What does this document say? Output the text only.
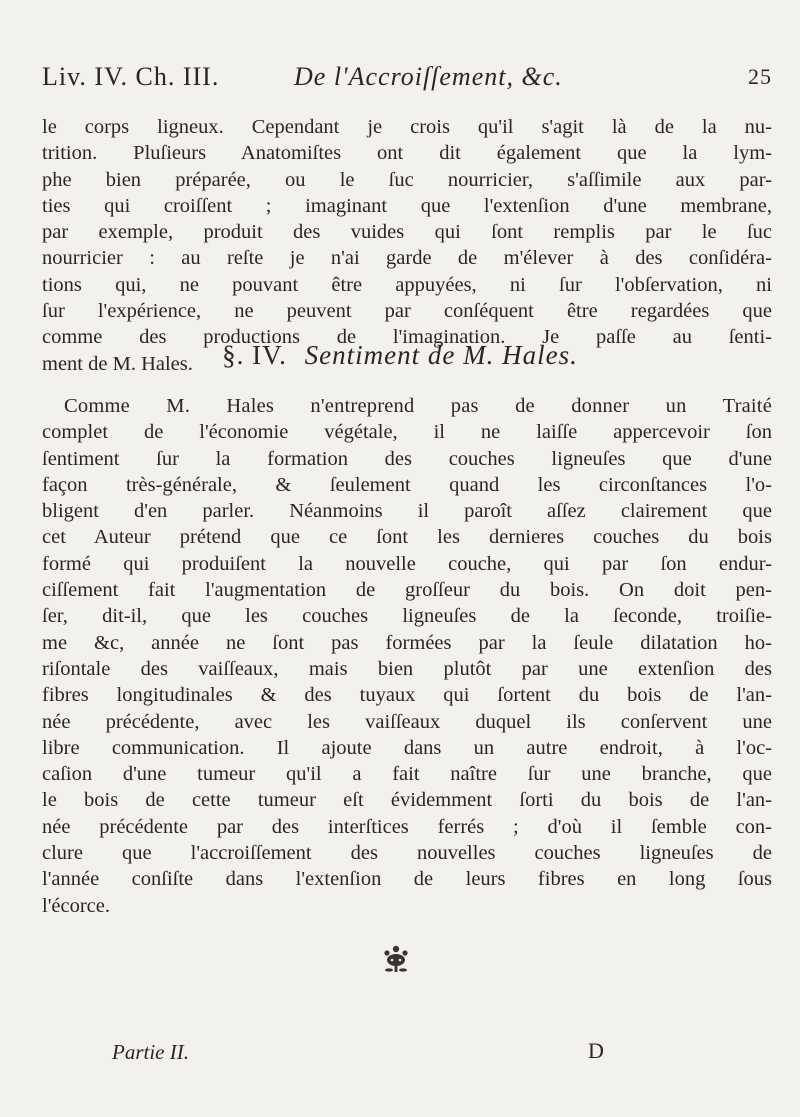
Liv. IV. Ch. III.	De l'Accroiſſement, &c.	25
le corps ligneux. Cependant je crois qu'il s'agit là de la nu-
trition. Pluſieurs Anatomiſtes ont dit également que la lym-
phe bien préparée, ou le ſuc nourricier, s'aſſimile aux par-
ties qui croiſſent ; imaginant que l'extenſion d'une membrane,
par exemple, produit des vuides qui ſont remplis par le ſuc
nourricier : au reſte je n'ai garde de m'élever à des conſidéra-
tions qui, ne pouvant être appuyées, ni ſur l'obſervation, ni
ſur l'expérience, ne peuvent par conſéquent être regardées que
comme des productions de l'imagination. Je paſſe au ſenti-
ment de M. Hales.	§. IV. Sentiment de M. Hales.
Comme M. Hales n'entreprend pas de donner un Traité
complet de l'économie végétale, il ne laiſſe appercevoir ſon
ſentiment ſur la formation des couches ligneuſes que d'une
façon très-générale, & ſeulement quand les circonſtances l'o-
bligent d'en parler. Néanmoins il paroît aſſez clairement que
cet Auteur prétend que ce ſont les dernieres couches du bois
formé qui produiſent la nouvelle couche, qui par ſon endur-
ciſſement fait l'augmentation de groſſeur du bois. On doit pen-
ſer, dit-il, que les couches ligneuſes de la ſeconde, troiſie-
me &c, année ne ſont pas formées par la ſeule dilatation ho-
riſontale des vaiſſeaux, mais bien plutôt par une extenſion des
fibres longitudinales & des tuyaux qui ſortent du bois de l'an-
née précédente, avec les vaiſſeaux duquel ils conſervent une
libre communication. Il ajoute dans un autre endroit, à l'oc-
caſion d'une tumeur qu'il a fait naître ſur une branche, que
le bois de cette tumeur eſt évidemment ſorti du bois de l'an-
née précédente par des interſtices ferrés ; d'où il ſemble con-
clure que l'accroiſſement des nouvelles couches ligneuſes de
l'année conſiſte dans l'extenſion de leurs fibres en long ſous
l'écorce.
Partie II.	D
